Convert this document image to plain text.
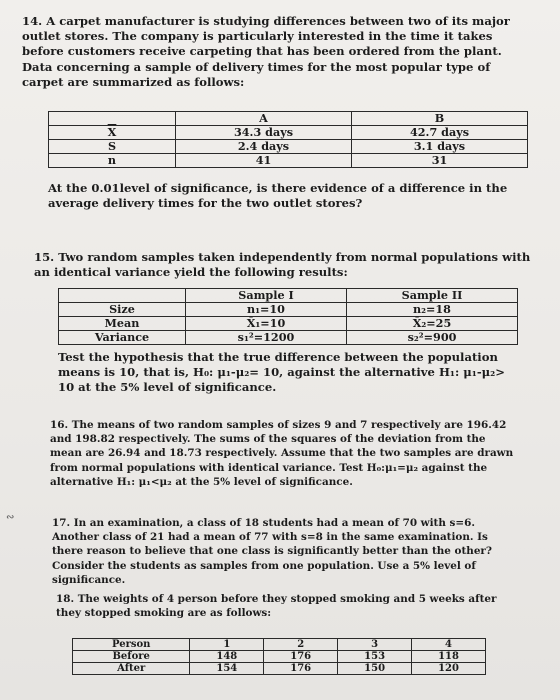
14. A carpet manufacturer is studying differences between two of its major outlet stores. The company is particularly interested in the time it takes before customers receive carpeting that has been ordered from the plant. Data concerning a sample of delivery times for the most popular type of carpet are summarized as follows:
	A	B
$\overline{X}$	34.3 days	42.7 days
S	2.4 days	3.1 days
n	41	31
At the 0.01level of significance, is there evidence of a difference in the average delivery times for the two outlet stores?
15. Two random samples taken independently from normal populations with an identical variance yield the following results:
	Sample I	Sample II
Size	n₁=10	n₂=18
Mean	X̄₁=10	X̄₂=25
Variance	s₁²=1200	s₂²=900
Test the hypothesis that the true difference between the population means is 10, that is, H₀: μ₁-μ₂= 10, against the alternative H₁: μ₁-μ₂> 10 at the 5% level of significance.
16. The means of two random samples of sizes 9 and 7 respectively are 196.42 and 198.82 respectively. The sums of the squares of the deviation from the mean are 26.94 and 18.73 respectively. Assume that the two samples are drawn from normal populations with identical variance. Test H₀:μ₁=μ₂ against the alternative H₁: μ₁<μ₂ at the 5% level of significance.
∾	17. In an examination, a class of 18 students had a mean of 70 with s=6. Another class of 21 had a mean of 77 with s=8 in the same examination. Is there reason to believe that one class is significantly better than the other? Consider the students as samples from one population. Use a 5% level of significance.
18. The weights of 4 person before they stopped smoking and 5 weeks after they stopped smoking are as follows:
Person	1	2	3	4
Before	148	176	153	118
After	154	176	150	120
